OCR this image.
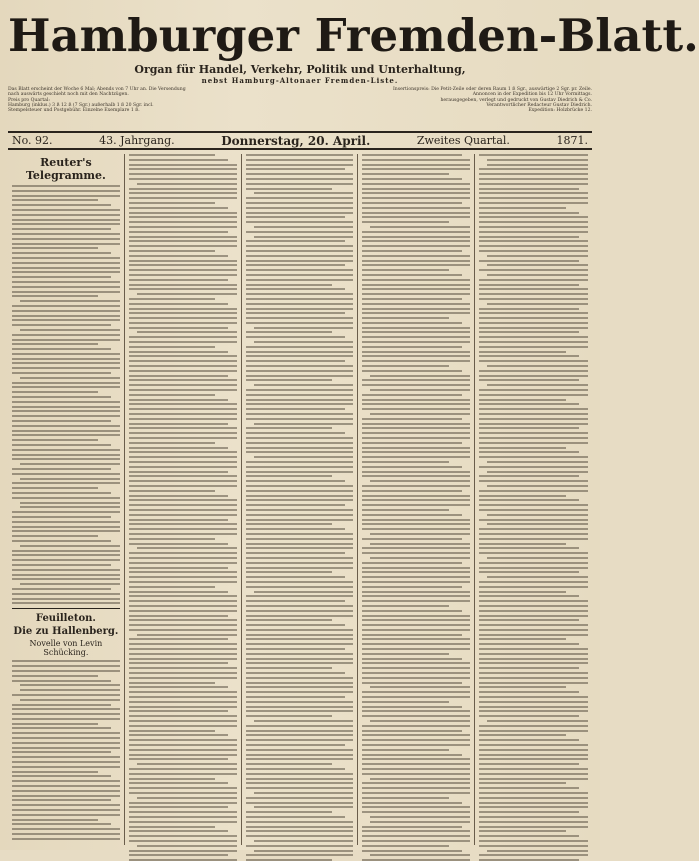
Hamburger Fremden-Blatt.
Organ für Handel, Verkehr, Politik und Unterhaltung,
nebst Hamburg-Altonaer Fremden-Liste.
Das Blatt erscheint der Woche 6 Mal; Abends von 7 Uhr an. Die Versendung
nach auswärts geschieht noch mit den Nachtzügen.
Preis pro Quartal:
Hamburg (inklus.) 3 ß 12 ß (7 Sgr.) außerhalb 1 ß 20 Sgr. incl.
Stempelsteuer und Postgebühr. Einzelne Exemplare 1 ß.
Insertionspreis: Die Petit-Zeile oder deren Raum 1 ß Sgr., auswärtige 2 Sgr. pr. Zeile.
Annoncen in der Expedition bis 12 Uhr Vormittags.
herausgegeben, verlegt und gedruckt von Gustav Diedrich & Co.
Verantwortlicher Redacteur Gustav Diedrich.
Expedition: Holzbrücke 12.
No. 92.	43. Jahrgang.	Donnerstag, 20. April.	Zweites Quartal.	1871.
Reuter's Telegramme.
Feuilleton.
Die zu Hallenberg.
Novelle von Levin Schücking.
